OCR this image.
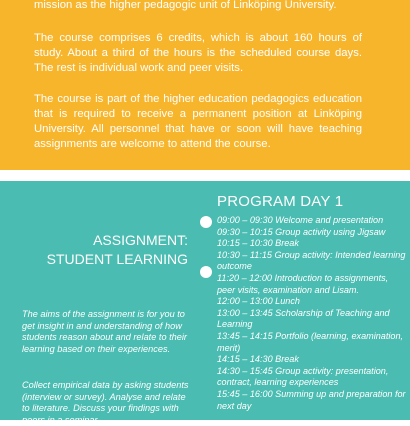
mission as the higher pedagogic unit of Linköping University.

The course comprises 6 credits, which is about 160 hours of study. About a third of the hours is the scheduled course days. The rest is individual work and peer visits.

The course is part of the higher education pedagogics education that is required to receive a permanent position at Linköping University. All personnel that have or soon will have teaching assignments are welcome to attend the course.

PROGRAM DAY 1
ASSIGNMENT: STUDENT LEARNING
The aims of the assignment is for you to get insight in and understanding of how students reason about and relate to their learning based on their experiences.
Collect empirical data by asking students (interview or survey). Analyse and relate to literature. Discuss your findings with peers in a seminar.
09:00 – 09:30 Welcome and presentation
09:30 – 10:15 Group activity using Jigsaw
10:15 – 10:30 Break
10:30 – 11:15 Group activity: Intended learning outcome
11:20 – 12:00 Introduction to assignments, peer visits, examination and Lisam.
12:00 – 13:00 Lunch
13:00 – 13:45 Scholarship of Teaching and Learning
13:45 – 14:15 Portfolio (learning, examination, merit)
14:15 – 14:30 Break
14:30 – 15:45 Group activity: presentation, contract, learning experiences
15:45 – 16:00 Summing up and preparation for next day
